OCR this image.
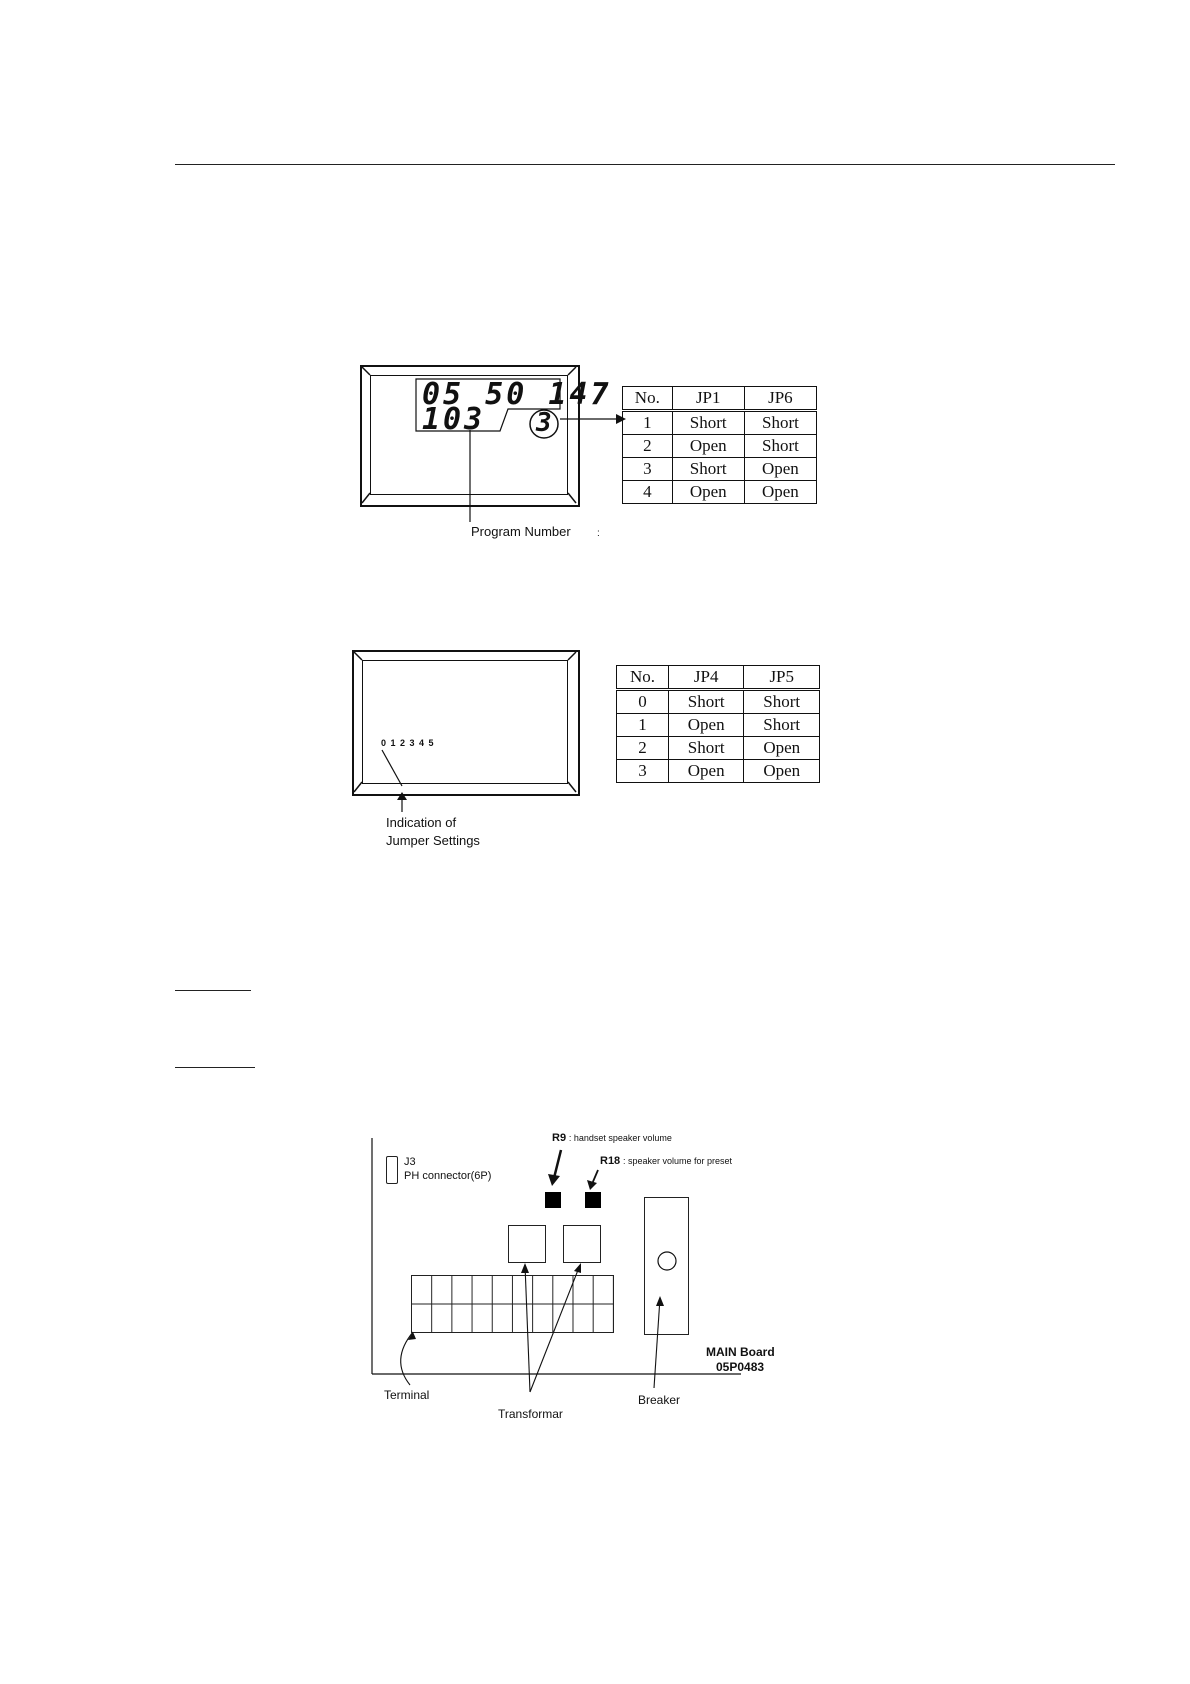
05 50 147
103 3
Program Number	:
No.	JP1	JP6
1	Short	Short
2	Open	Short
3	Short	Open
4	Open	Open
0 1 2 3 4 5
Indication of
Jumper Settings
No.	JP4	JP5
0	Short	Short
1	Open	Short
2	Short	Open
3	Open	Open
J3
PH connector(6P)
R9 : handset speaker volume
R18 : speaker volume for preset
MAIN Board
05P0483
Terminal
Transformar
Breaker
